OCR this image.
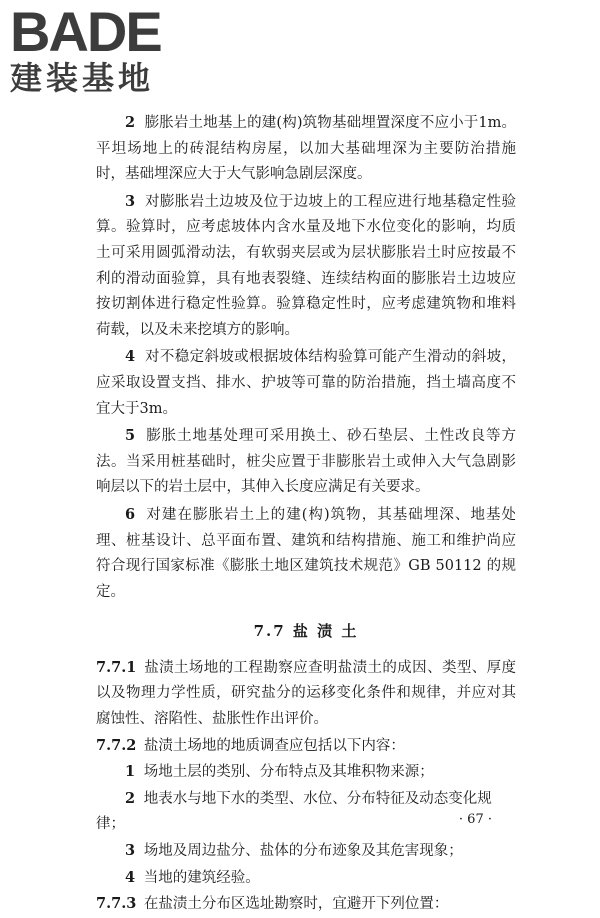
BADE
建装基地

2 膨胀岩土地基上的建(构)筑物基础埋置深度不应小于1m。平坦场地上的砖混结构房屋，以加大基础埋深为主要防治措施时，基础埋深应大于大气影响急剧层深度。

3 对膨胀岩土边坡及位于边坡上的工程应进行地基稳定性验算。验算时，应考虑坡体内含水量及地下水位变化的影响，均质土可采用圆弧滑动法，有软弱夹层或为层状膨胀岩土时应按最不利的滑动面验算，具有地表裂缝、连续结构面的膨胀岩土边坡应按切割体进行稳定性验算。验算稳定性时，应考虑建筑物和堆料荷载，以及未来挖填方的影响。

4 对不稳定斜坡或根据坡体结构验算可能产生滑动的斜坡，应采取设置支挡、排水、护坡等可靠的防治措施，挡土墙高度不宜大于3m。

5 膨胀土地基处理可采用换土、砂石垫层、土性改良等方法。当采用桩基础时，桩尖应置于非膨胀岩土或伸入大气急剧影响层以下的岩土层中，其伸入长度应满足有关要求。

6 对建在膨胀岩土上的建(构)筑物，其基础埋深、地基处理、桩基设计、总平面布置、建筑和结构措施、施工和维护尚应符合现行国家标准《膨胀土地区建筑技术规范》GB 50112 的规定。

7.7 盐 渍 土

7.7.1 盐渍土场地的工程勘察应查明盐渍土的成因、类型、厚度以及物理力学性质，研究盐分的运移变化条件和规律，并应对其腐蚀性、溶陷性、盐胀性作出评价。

7.7.2 盐渍土场地的地质调查应包括以下内容：

1 场地土层的类别、分布特点及其堆积物来源；

2 地表水与地下水的类型、水位、分布特征及动态变化规律；

3 场地及周边盐分、盐体的分布迹象及其危害现象；

4 当地的建筑经验。

7.7.3 在盐渍土分布区选址勘察时，宜避开下列位置：

· 67 ·
